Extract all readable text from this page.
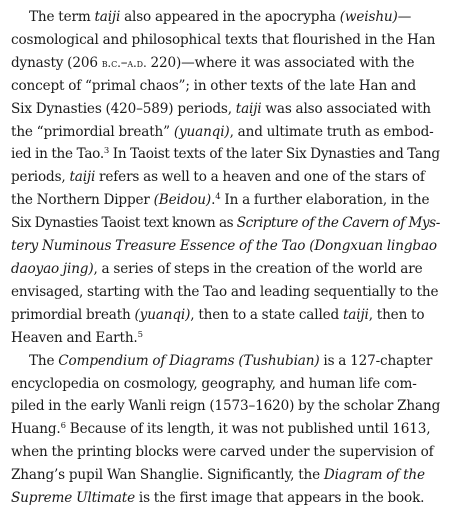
The term taiji also appeared in the apocrypha (weishu)—
cosmological and philosophical texts that flourished in the Han
dynasty (206 b.c.–a.d. 220)—where it was associated with the
concept of “primal chaos”; in other texts of the late Han and
Six Dynasties (420–589) periods, taiji was also associated with
the “primordial breath” (yuanqi), and ultimate truth as embod-
ied in the Tao.$^3$ In Taoist texts of the later Six Dynasties and Tang
periods, taiji refers as well to a heaven and one of the stars of
the Northern Dipper (Beidou).$^4$ In a further elaboration, in the
Six Dynasties Taoist text known as Scripture of the Cavern of Mys-
tery Numinous Treasure Essence of the Tao (Dongxuan lingbao
daoyao jing), a series of steps in the creation of the world are
envisaged, starting with the Tao and leading sequentially to the
primordial breath (yuanqi), then to a state called taiji, then to
Heaven and Earth.$^5$

The Compendium of Diagrams (Tushubian) is a 127-chapter
encyclopedia on cosmology, geography, and human life com-
piled in the early Wanli reign (1573–1620) by the scholar Zhang
Huang.$^6$ Because of its length, it was not published until 1613,
when the printing blocks were carved under the supervision of
Zhang’s pupil Wan Shanglie. Significantly, the Diagram of the
Supreme Ultimate is the first image that appears in the book.
